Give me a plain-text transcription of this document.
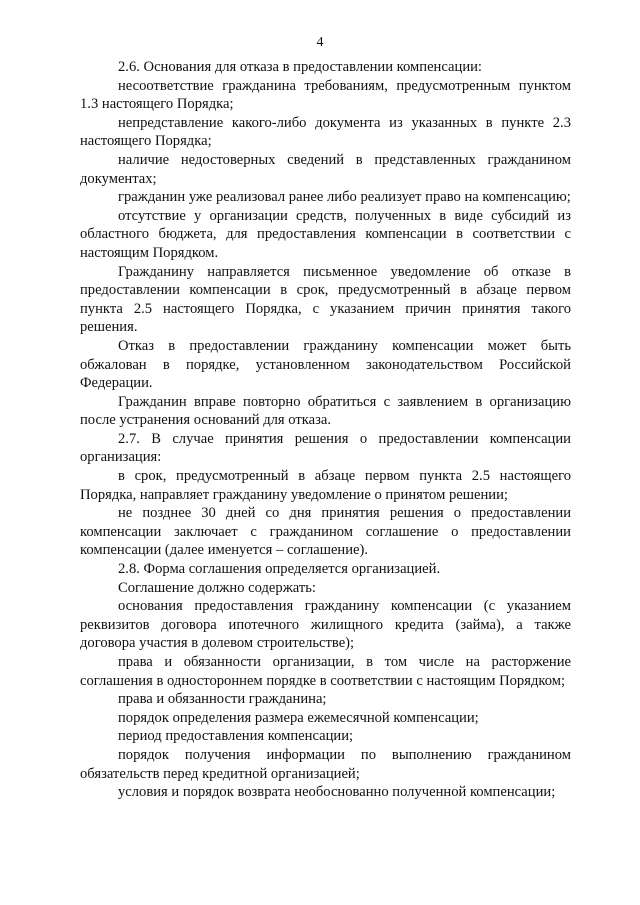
4

2.6. Основания для отказа в предоставлении компенсации:

несоответствие гражданина требованиям, предусмотренным пунктом 1.3 настоящего Порядка;

непредставление какого-либо документа из указанных в пункте 2.3 настоящего Порядка;

наличие недостоверных сведений в представленных гражданином документах;

гражданин уже реализовал ранее либо реализует право на компенсацию;

отсутствие у организации средств, полученных в виде субсидий из областного бюджета, для предоставления компенсации в соответствии с настоящим Порядком.

Гражданину направляется письменное уведомление об отказе в предоставлении компенсации в срок, предусмотренный в абзаце первом пункта 2.5 настоящего Порядка, с указанием причин принятия такого решения.

Отказ в предоставлении гражданину компенсации может быть обжалован в порядке, установленном законодательством Российской Федерации.

Гражданин вправе повторно обратиться с заявлением в организацию после устранения оснований для отказа.

2.7. В случае принятия решения о предоставлении компенсации организация:

в срок, предусмотренный в абзаце первом пункта 2.5 настоящего Порядка, направляет гражданину уведомление о принятом решении;

не позднее 30 дней со дня принятия решения о предоставлении компенсации заключает с гражданином соглашение о предоставлении компенсации (далее именуется – соглашение).

2.8. Форма соглашения определяется организацией.

Соглашение должно содержать:

основания предоставления гражданину компенсации (с указанием реквизитов договора ипотечного жилищного кредита (займа), а также договора участия в долевом строительстве);

права и обязанности организации, в том числе на расторжение соглашения в одностороннем порядке в соответствии с настоящим Порядком;

права и обязанности гражданина;

порядок определения размера ежемесячной компенсации;

период предоставления компенсации;

порядок получения информации по выполнению гражданином обязательств перед кредитной организацией;

условия и порядок возврата необоснованно полученной компенсации;
